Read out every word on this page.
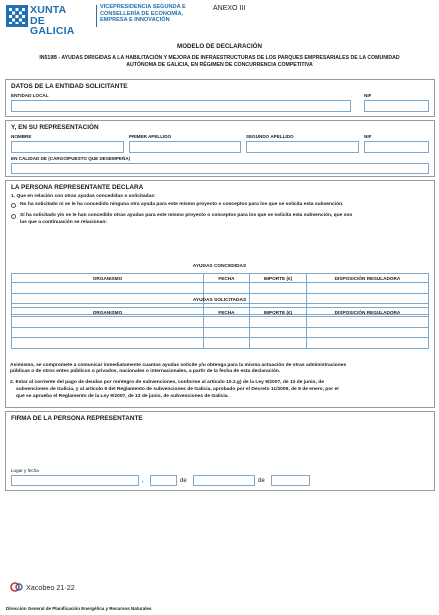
XUNTA
DE GALICIA
VICEPRESIDENCIA SEGUNDA E
CONSELLERÍA DE ECONOMÍA,
EMPRESA E INNOVACIÓN
ANEXO III
MODELO DE DECLARACIÓN
IN519B - AYUDAS DIRIGIDAS A LA HABILITACIÓN Y MEJORA DE INFRAESTRUCTURAS DE LOS PARQUES EMPRESARIALES DE LA COMUNIDAD AUTÓNOMA DE GALICIA, EN RÉGIMEN DE CONCURRENCIA COMPETITIVA
DATOS DE LA ENTIDAD SOLICITANTE
ENTIDAD LOCAL	NIF
Y, EN SU REPRESENTACIÓN
NOMBRE	PRIMER APELLIDO	SEGUNDO APELLIDO	NIF
EN CALIDAD DE (CARGO/PUESTO QUE DESEMPEÑA)
LA PERSONA REPRESENTANTE DECLARA
1. Que en relación con otras ayudas concedidas o solicitadas:
No ha solicitado ni se le ha concedido ninguna otra ayuda para este mismo proyecto o conceptos para los que se solicita esta subvención.
Sí ha solicitado y/o se le han concedido otras ayudas para este mismo proyecto o conceptos para los que se solicita esta subvención, que son
las que a continuación se relacionan:
AYUDAS CONCEDIDAS
ORGANISMO	FECHA	IMPORTE (€)	DISPOSICIÓN REGULADORA

AYUDAS SOLICITADAS
ORGANISMO	FECHA	IMPORTE (€)	DISPOSICIÓN REGULADORA

Asimismo, se compromete a comunicar inmediatamente cuantas ayudas solicite y/u obtenga para la misma actuación de otras administraciones
públicas o de otros entes públicos o privados, nacionales o internacionales, a partir de la fecha de esta declaración.
2. Estar al corriente del pago de deudas por reintegro de subvenciones, conforme al artículo 10.2.g) de la Ley 9/2007, de 13 de junio, de
subvenciones de Galicia, y al artículo 9 del Reglamento de subvenciones de Galicia, aprobado por el Decreto 11/2009, de 8 de enero, por el
que se aprueba el Reglamento de la Ley 9/2007, de 13 de junio, de subvenciones de Galicia.
FIRMA DE LA PERSONA REPRESENTANTE
Lugar y fecha
,	de	de
Xacobeo 21·22
Dirección General de Planificación Energética y Recursos Naturales
